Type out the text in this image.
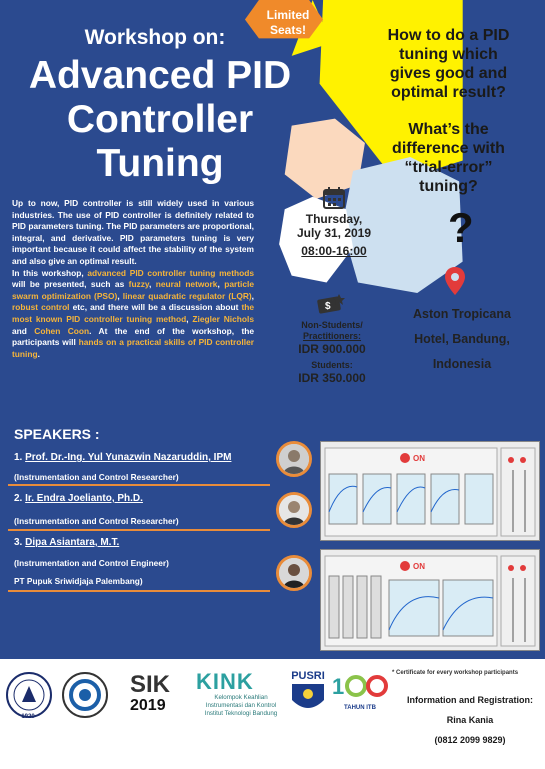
Limited
Seats!
Workshop on:
Advanced PID
Controller
Tuning
How to do a PID
tuning which
gives good and
optimal result?
What’s the
difference with
“trial-error”
tuning?
?

Up to now, PID controller is still widely used in various industries. The use of PID controller is definitely related to PID parameters tuning. The PID parameters are proportional, integral, and derivative. PID parameters tuning is very important because it could affect the stability of the system and also give an optimal result.

In this workshop, advanced PID controller tuning methods will be presented, such as fuzzy, neural network, particle swarm optimization (PSO), linear quadratic regulator (LQR), robust control etc, and there will be a discussion about the most known PID controller tuning method, Ziegler Nichols and Cohen Coon. At the end of the workshop, the participants will hands on a practical skills of PID controller tuning.

Thursday,
July 31, 2019
08:00-16:00
$
Non-Students/
Practitioners:
IDR 900.000
Students:
IDR 350.000
Aston Tropicana
Hotel, Bandung,
Indonesia
SPEAKERS :
1. Prof. Dr.-Ing. Yul Yunazwin Nazaruddin, IPM
(Instrumentation and Control Researcher)
2. Ir. Endra Joelianto, Ph.D.
(Instrumentation and Control Researcher)
3. Dipa Asiantara, M.T.
(Instrumentation and Control Engineer)
PT Pupuk Sriwidjaja Palembang)
ON
ON
1920
SIK
2019
KINK
Kelompok Keahlian
Instrumentasi dan Kontrol
Institut Teknologi Bandung
PUSRI 1
TAHUN ITB
* Certificate for every workshop participants
Information and Registration:
Rina Kania
(0812 2099 9829)
